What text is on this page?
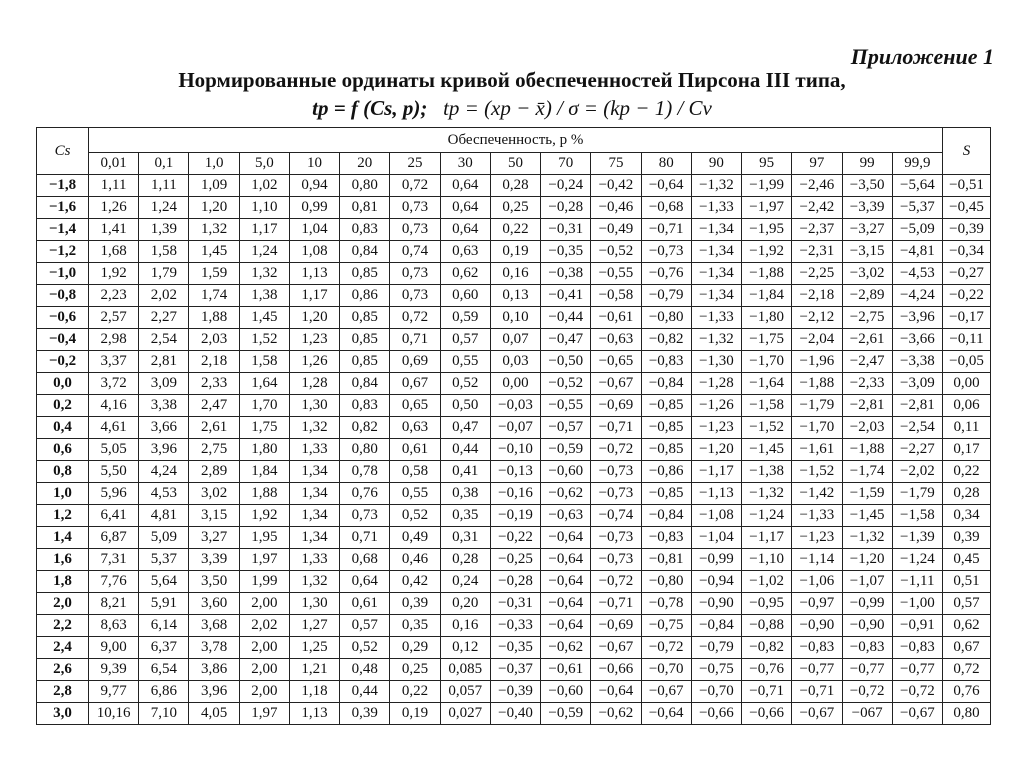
Приложение 1
Нормированные ординаты кривой обеспеченностей Пирсона III типа,
tp = f (Cs, p); tp = (xp − x̄) / σ = (kp − 1) / Cv
Cs	Обеспеченность, p %																	S
	0,01	0,1	1,0	5,0	10	20	25	30	50	70	75	80	90	95	97	99	99,9	
−1,8	1,11	1,11	1,09	1,02	0,94	0,80	0,72	0,64	0,28	−0,24	−0,42	−0,64	−1,32	−1,99	−2,46	−3,50	−5,64	−0,51
−1,6	1,26	1,24	1,20	1,10	0,99	0,81	0,73	0,64	0,25	−0,28	−0,46	−0,68	−1,33	−1,97	−2,42	−3,39	−5,37	−0,45
−1,4	1,41	1,39	1,32	1,17	1,04	0,83	0,73	0,64	0,22	−0,31	−0,49	−0,71	−1,34	−1,95	−2,37	−3,27	−5,09	−0,39
−1,2	1,68	1,58	1,45	1,24	1,08	0,84	0,74	0,63	0,19	−0,35	−0,52	−0,73	−1,34	−1,92	−2,31	−3,15	−4,81	−0,34
−1,0	1,92	1,79	1,59	1,32	1,13	0,85	0,73	0,62	0,16	−0,38	−0,55	−0,76	−1,34	−1,88	−2,25	−3,02	−4,53	−0,27
−0,8	2,23	2,02	1,74	1,38	1,17	0,86	0,73	0,60	0,13	−0,41	−0,58	−0,79	−1,34	−1,84	−2,18	−2,89	−4,24	−0,22
−0,6	2,57	2,27	1,88	1,45	1,20	0,85	0,72	0,59	0,10	−0,44	−0,61	−0,80	−1,33	−1,80	−2,12	−2,75	−3,96	−0,17
−0,4	2,98	2,54	2,03	1,52	1,23	0,85	0,71	0,57	0,07	−0,47	−0,63	−0,82	−1,32	−1,75	−2,04	−2,61	−3,66	−0,11
−0,2	3,37	2,81	2,18	1,58	1,26	0,85	0,69	0,55	0,03	−0,50	−0,65	−0,83	−1,30	−1,70	−1,96	−2,47	−3,38	−0,05
0,0	3,72	3,09	2,33	1,64	1,28	0,84	0,67	0,52	0,00	−0,52	−0,67	−0,84	−1,28	−1,64	−1,88	−2,33	−3,09	0,00
0,2	4,16	3,38	2,47	1,70	1,30	0,83	0,65	0,50	−0,03	−0,55	−0,69	−0,85	−1,26	−1,58	−1,79	−2,81	−2,81	0,06
0,4	4,61	3,66	2,61	1,75	1,32	0,82	0,63	0,47	−0,07	−0,57	−0,71	−0,85	−1,23	−1,52	−1,70	−2,03	−2,54	0,11
0,6	5,05	3,96	2,75	1,80	1,33	0,80	0,61	0,44	−0,10	−0,59	−0,72	−0,85	−1,20	−1,45	−1,61	−1,88	−2,27	0,17
0,8	5,50	4,24	2,89	1,84	1,34	0,78	0,58	0,41	−0,13	−0,60	−0,73	−0,86	−1,17	−1,38	−1,52	−1,74	−2,02	0,22
1,0	5,96	4,53	3,02	1,88	1,34	0,76	0,55	0,38	−0,16	−0,62	−0,73	−0,85	−1,13	−1,32	−1,42	−1,59	−1,79	0,28
1,2	6,41	4,81	3,15	1,92	1,34	0,73	0,52	0,35	−0,19	−0,63	−0,74	−0,84	−1,08	−1,24	−1,33	−1,45	−1,58	0,34
1,4	6,87	5,09	3,27	1,95	1,34	0,71	0,49	0,31	−0,22	−0,64	−0,73	−0,83	−1,04	−1,17	−1,23	−1,32	−1,39	0,39
1,6	7,31	5,37	3,39	1,97	1,33	0,68	0,46	0,28	−0,25	−0,64	−0,73	−0,81	−0,99	−1,10	−1,14	−1,20	−1,24	0,45
1,8	7,76	5,64	3,50	1,99	1,32	0,64	0,42	0,24	−0,28	−0,64	−0,72	−0,80	−0,94	−1,02	−1,06	−1,07	−1,11	0,51
2,0	8,21	5,91	3,60	2,00	1,30	0,61	0,39	0,20	−0,31	−0,64	−0,71	−0,78	−0,90	−0,95	−0,97	−0,99	−1,00	0,57
2,2	8,63	6,14	3,68	2,02	1,27	0,57	0,35	0,16	−0,33	−0,64	−0,69	−0,75	−0,84	−0,88	−0,90	−0,90	−0,91	0,62
2,4	9,00	6,37	3,78	2,00	1,25	0,52	0,29	0,12	−0,35	−0,62	−0,67	−0,72	−0,79	−0,82	−0,83	−0,83	−0,83	0,67
2,6	9,39	6,54	3,86	2,00	1,21	0,48	0,25	0,085	−0,37	−0,61	−0,66	−0,70	−0,75	−0,76	−0,77	−0,77	−0,77	0,72
2,8	9,77	6,86	3,96	2,00	1,18	0,44	0,22	0,057	−0,39	−0,60	−0,64	−0,67	−0,70	−0,71	−0,71	−0,72	−0,72	0,76
3,0	10,16	7,10	4,05	1,97	1,13	0,39	0,19	0,027	−0,40	−0,59	−0,62	−0,64	−0,66	−0,66	−0,67	−067	−0,67	0,80
